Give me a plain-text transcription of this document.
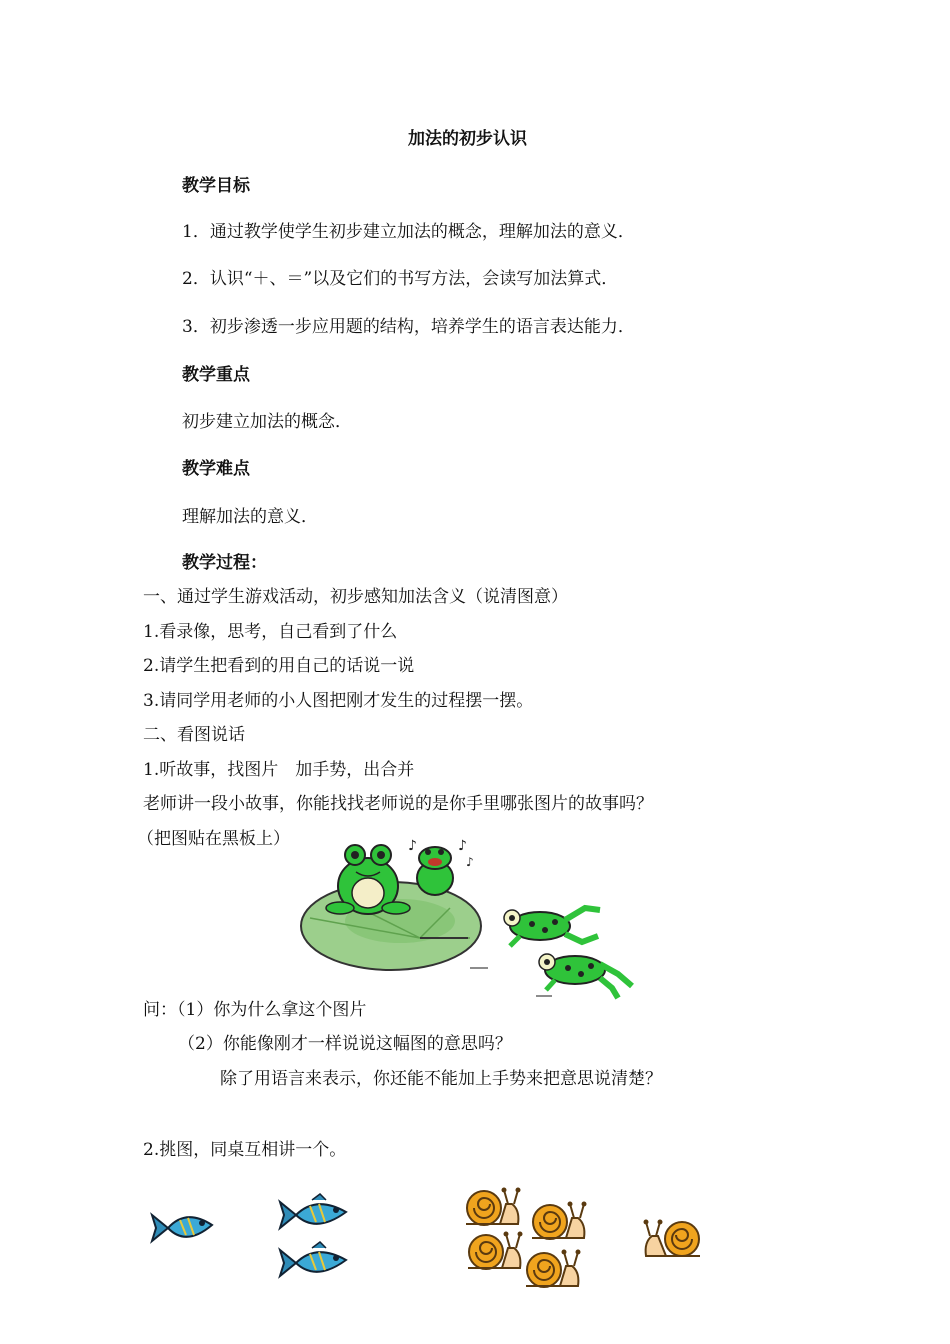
加法的初步认识
教学目标
1．通过教学使学生初步建立加法的概念，理解加法的意义．
2．认识“＋、＝”以及它们的书写方法，会读写加法算式．
3．初步渗透一步应用题的结构，培养学生的语言表达能力．
教学重点
初步建立加法的概念．
教学难点
理解加法的意义．
教学过程：
一、通过学生游戏活动，初步感知加法含义（说清图意）
1.看录像，思考，自己看到了什么
2.请学生把看到的用自己的话说一说
3.请同学用老师的小人图把刚才发生的过程摆一摆。
二、看图说话
1.听故事，找图片　加手势，出合并
老师讲一段小故事，你能找找老师说的是你手里哪张图片的故事吗？
（把图贴在黑板上）	♪	♪
♪
问：（1）你为什么拿这个图片
（2）你能像刚才一样说说这幅图的意思吗？
除了用语言来表示，你还能不能加上手势来把意思说清楚？
2.挑图，同桌互相讲一个。
